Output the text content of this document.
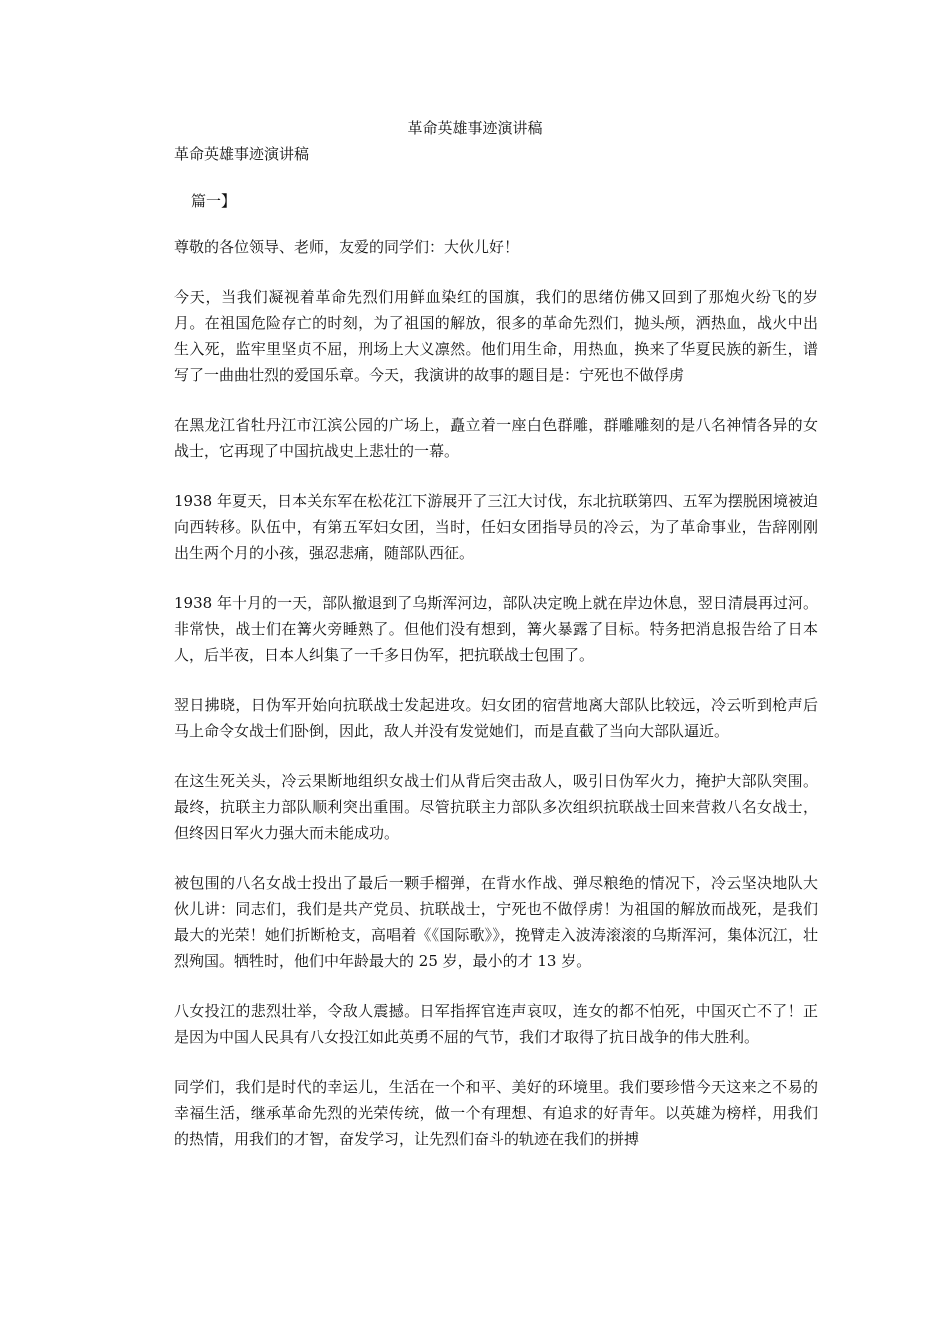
革命英雄事迹演讲稿

革命英雄事迹演讲稿

篇一】

尊敬的各位领导、老师，友爱的同学们：大伙儿好！

今天，当我们凝视着革命先烈们用鲜血染红的国旗，我们的思绪仿佛又回到了那炮火纷飞的岁月。在祖国危险存亡的时刻，为了祖国的解放，很多的革命先烈们，抛头颅，洒热血，战火中出生入死，监牢里坚贞不屈，刑场上大义凛然。他们用生命，用热血，换来了华夏民族的新生，谱写了一曲曲壮烈的爱国乐章。今天，我演讲的故事的题目是：宁死也不做俘虏

在黑龙江省牡丹江市江滨公园的广场上，矗立着一座白色群雕，群雕雕刻的是八名神情各异的女战士，它再现了中国抗战史上悲壮的一幕。

1938 年夏天，日本关东军在松花江下游展开了三江大讨伐，东北抗联第四、五军为摆脱困境被迫向西转移。队伍中，有第五军妇女团，当时，任妇女团指导员的冷云，为了革命事业，告辞刚刚出生两个月的小孩，强忍悲痛，随部队西征。

1938 年十月的一天，部队撤退到了乌斯浑河边，部队决定晚上就在岸边休息，翌日清晨再过河。非常快，战士们在篝火旁睡熟了。但他们没有想到，篝火暴露了目标。特务把消息报告给了日本人，后半夜，日本人纠集了一千多日伪军，把抗联战士包围了。

翌日拂晓，日伪军开始向抗联战士发起进攻。妇女团的宿营地离大部队比较远，冷云听到枪声后马上命令女战士们卧倒，因此，敌人并没有发觉她们，而是直截了当向大部队逼近。

在这生死关头，冷云果断地组织女战士们从背后突击敌人，吸引日伪军火力，掩护大部队突围。最终，抗联主力部队顺利突出重围。尽管抗联主力部队多次组织抗联战士回来营救八名女战士，但终因日军火力强大而未能成功。

被包围的八名女战士投出了最后一颗手榴弹，在背水作战、弹尽粮绝的情况下，冷云坚决地队大伙儿讲：同志们，我们是共产党员、抗联战士，宁死也不做俘虏！为祖国的解放而战死，是我们最大的光荣！她们折断枪支，高唱着《《国际歌》》，挽臂走入波涛滚滚的乌斯浑河，集体沉江，壮烈殉国。牺牲时，他们中年龄最大的 25 岁，最小的才 13 岁。

八女投江的悲烈壮举，令敌人震撼。日军指挥官连声哀叹，连女的都不怕死，中国灭亡不了！正是因为中国人民具有八女投江如此英勇不屈的气节，我们才取得了抗日战争的伟大胜利。

同学们，我们是时代的幸运儿，生活在一个和平、美好的环境里。我们要珍惜今天这来之不易的幸福生活，继承革命先烈的光荣传统，做一个有理想、有追求的好青年。以英雄为榜样，用我们的热情，用我们的才智，奋发学习，让先烈们奋斗的轨迹在我们的拼搏
